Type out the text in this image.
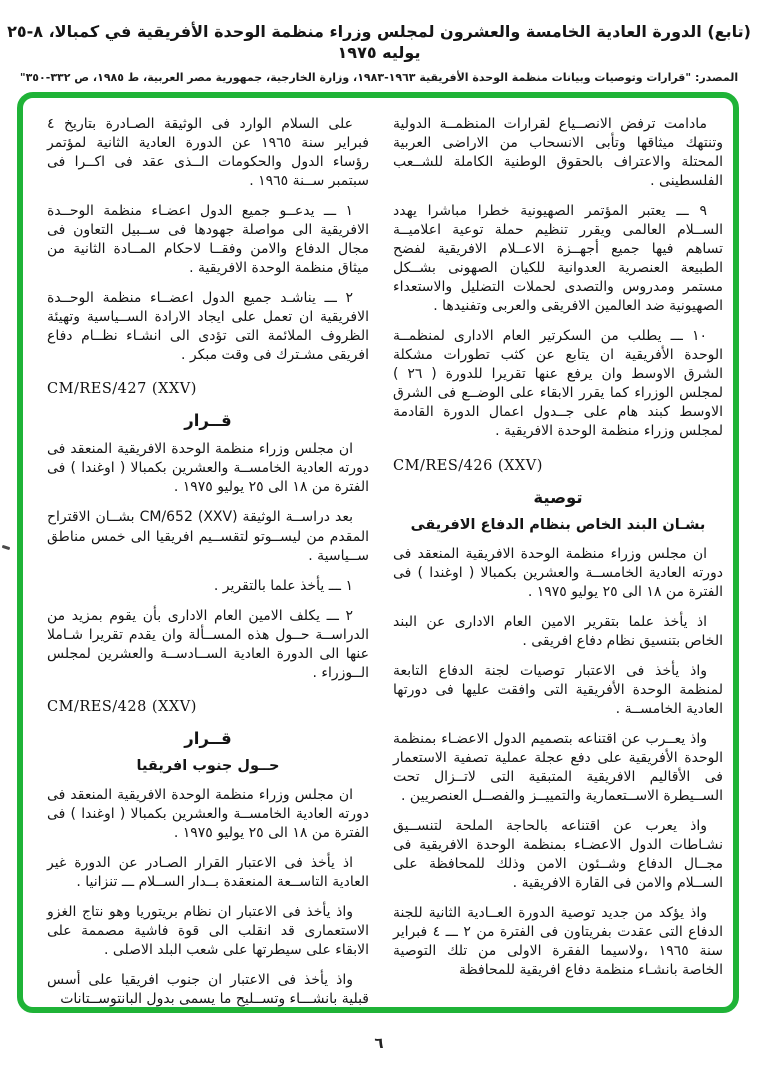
(تابع) الدورة العادية الخامسة والعشرون لمجلس وزراء منظمة الوحدة الأفريقية في كمبالا، ٨-٢٥ يوليه ١٩٧٥
المصدر: "قرارات وتوصيات وبيانات منظمة الوحدة الأفريقية ١٩٦٣-١٩٨٣، وزارة الخارجية، جمهورية مصر العربية، ط ١٩٨٥، ص ٣٣٢-٣٥٠"
مادامت ترفض الانصــياع لقرارات المنظمــة الدولية وتنتهك ميثاقها وتأبى الانسحاب من الاراضى العربية المحتلة والاعتراف بالحقوق الوطنية الكاملة للشــعب الفلسطينى .
٩ ـــ يعتبر المؤتمر الصهيونية خطرا مباشرا يهدد الســلام العالمى ويقرر تنظيم حملة توعية اعلاميــة تساهم فيها جميع أجهــزة الاعــلام الافريقية لفضح الطبيعة العنصرية العدوانية للكيان الصهونى بشــكل مستمر ومدروس والتصدى لحملات التضليل والاستعداء الصهيونية ضد العالمين الافريقى والعربى وتفنيدها .
١٠ ـــ يطلب من السكرتير العام الادارى لمنظمــة الوحدة الأفريقية ان يتابع عن كثب تطورات مشكلة الشرق الاوسط وان يرفع عنها تقريرا للدورة ( ٢٦ ) لمجلس الوزراء كما يقرر الابقاء على الوضــع فى الشرق الاوسط كبند هام على جــدول اعمال الدورة القادمة لمجلس وزراء منظمة الوحدة الافريقية .
CM/RES/426 (XXV)
توصية
بشـان البند الخاص بنظام الدفاع الافريقى
ان مجلس وزراء منظمة الوحدة الافريقية المنعقد فى دورته العادية الخامســة والعشرين بكمبالا ( اوغندا ) فى الفترة من ١٨ الى ٢٥ يوليو ١٩٧٥ .
اذ يأخذ علما بتقرير الامين العام الادارى عن البند الخاص بتنسيق نظام دفاع افريقى .
واذ يأخذ فى الاعتبار توصيات لجنة الدفاع التابعة لمنظمة الوحدة الأفريقية التى وافقت عليها فى دورتها العادية الخامســة .
واذ يعــرب عن اقتناعه بتصميم الدول الاعضـاء بمنظمة الوحدة الأفريقية على دفع عجلة عملية تصفية الاستعمار فى الأقاليم الافريقية المتبقية التى لاتــزال تحت الســيطرة الاســتعمارية والتمييــز والفصــل العنصريين .
واذ يعرب عن اقتناعه بالحاجة الملحة لتنســيق نشـاطات الدول الاعضـاء بمنظمة الوحدة الافريقية فى مجــال الدفاع وشــئون الامن وذلك للمحافظة على الســلام والامن فى القارة الافريقية .
واذ يؤكد من جديد توصية الدورة العــادية الثانية للجنة الدفاع التى عقدت بفريتاون فى الفترة من ٢ ـــ ٤ فبراير سنة ١٩٦٥ ،ولاسيما الفقرة الاولى من تلك التوصية الخاصة بانشـاء منظمة دفاع افريقية للمحافظة
على السلام الوارد فى الوثيقة الصـادرة بتاريخ ٤ فبراير سنة ١٩٦٥ عن الدورة العادية الثانية لمؤتمر رؤساء الدول والحكومات الــذى عقد فى اكــرا فى سبتمبر ســنة ١٩٦٥ .
١ ـــ يدعــو جميع الدول اعضـاء منظمة الوحــدة الافريقية الى مواصلة جهودها فى ســبيل التعاون فى مجال الدفاع والامن وفقــا لاحكام المــادة الثانية من ميثاق منظمة الوحدة الافريقية .
٢ ـــ يناشـد جميع الدول اعضــاء منظمة الوحــدة الافريقية ان تعمل على ايجاد الارادة الســياسية وتهيئة الظروف الملائمة التى تؤدى الى انشـاء نظــام دفاع افريقى مشـترك فى وقت مبكر .
CM/RES/427 (XXV)
قــرار
ان مجلس وزراء منظمة الوحدة الافريقية المنعقد فى دورته العادية الخامســة والعشرين بكمبالا ( اوغندا ) فى الفترة من ١٨ الى ٢٥ يوليو ١٩٧٥ .
بعد دراســة الوثيقة CM/652 (XXV) بشــان الاقتراح المقدم من ليســوتو لتقســيم افريقيا الى خمس مناطق ســياسية .
١ ـــ يأخذ علما بالتقرير .
٢ ـــ يكلف الامين العام الادارى بأن يقوم بمزيد من الدراســة حــول هذه المســألة وان يقدم تقريرا شـاملا عنها الى الدورة العادية الســادســة والعشرين لمجلس الــوزراء .
CM/RES/428 (XXV)
قــرار
حــول جنوب افريقيا
ان مجلس وزراء منظمة الوحدة الافريقية المنعقد فى دورته العادية الخامســة والعشرين بكمبالا ( اوغندا ) فى الفترة من ١٨ الى ٢٥ يوليو ١٩٧٥ .
اذ يأخذ فى الاعتبار القرار الصـادر عن الدورة غير العادية التاســعة المنعقدة بــدار الســلام ـــ تنزانيا .
واذ يأخذ فى الاعتبار ان نظام بريتوريا وهو نتاج الغزو الاستعمارى قد انقلب الى قوة فاشية مصممة على الابقاء على سيطرتها على شعب البلد الاصلى .
واذ يأخذ فى الاعتبار ان جنوب افريقيا على أسس قبلية بانشـــاء وتســليح ما يسمى بدول البانتوســتانات
٦
